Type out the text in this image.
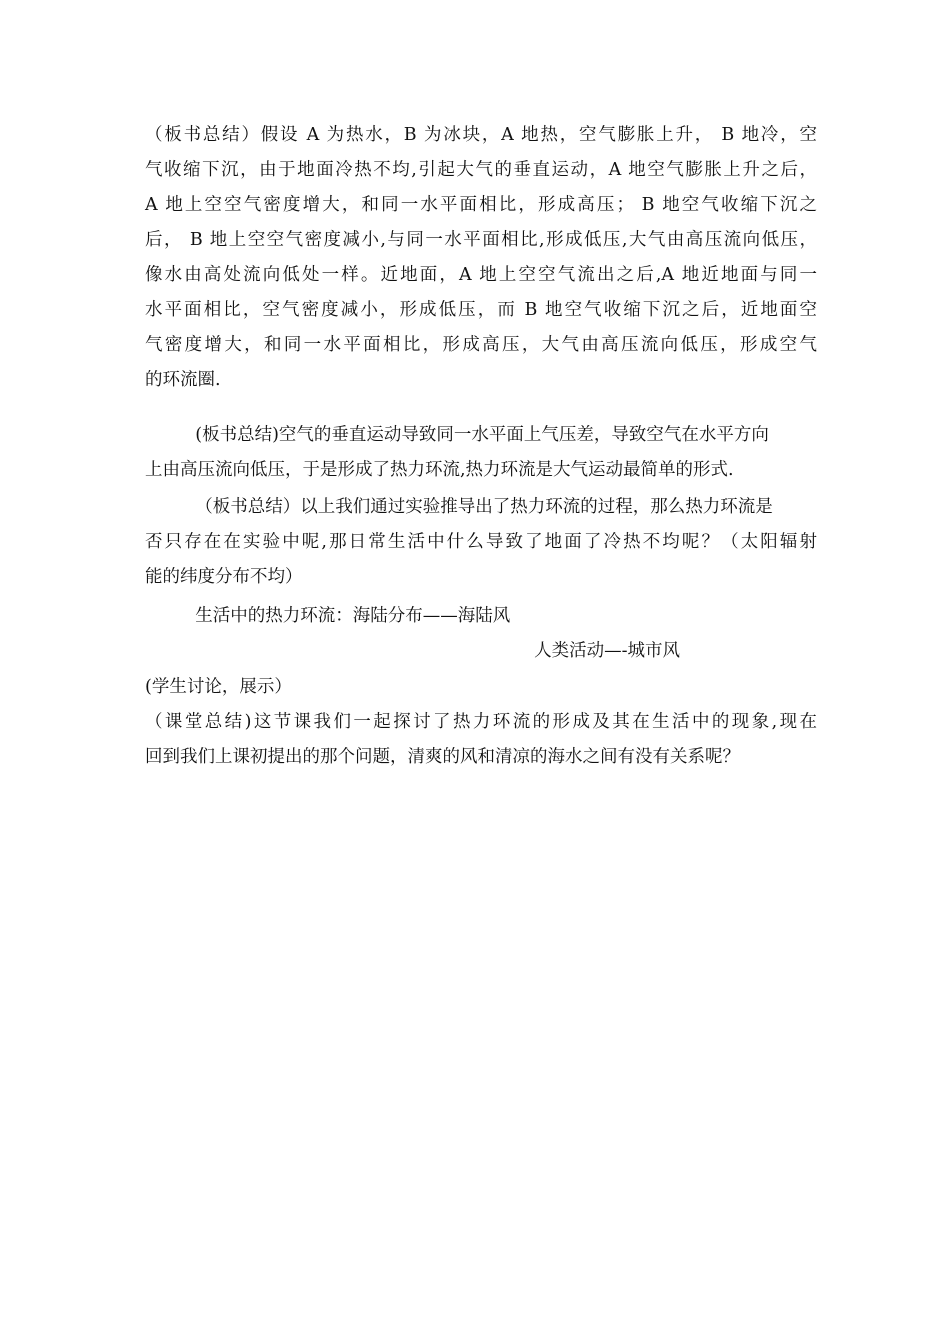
（板书总结）假设 A 为热水，B 为冰块，A 地热，空气膨胀上升， B 地冷，空
气收缩下沉，由于地面冷热不均,引起大气的垂直运动，A 地空气膨胀上升之后，
A 地上空空气密度增大，和同一水平面相比，形成高压； B 地空气收缩下沉之
后， B 地上空空气密度减小,与同一水平面相比,形成低压,大气由高压流向低压，
像水由高处流向低处一样。近地面，A 地上空空气流出之后,A 地近地面与同一
水平面相比，空气密度减小，形成低压，而 B 地空气收缩下沉之后，近地面空
气密度增大，和同一水平面相比，形成高压，大气由高压流向低压，形成空气
的环流圈.
(板书总结)空气的垂直运动导致同一水平面上气压差，导致空气在水平方向
上由高压流向低压，于是形成了热力环流,热力环流是大气运动最简单的形式.
（板书总结）以上我们通过实验推导出了热力环流的过程，那么热力环流是
否只存在在实验中呢,那日常生活中什么导致了地面了冷热不均呢？（太阳辐射
能的纬度分布不均）
生活中的热力环流：海陆分布——海陆风
人类活动—-城市风
(学生讨论，展示）
（课堂总结)这节课我们一起探讨了热力环流的形成及其在生活中的现象,现在
回到我们上课初提出的那个问题，清爽的风和清凉的海水之间有没有关系呢？
